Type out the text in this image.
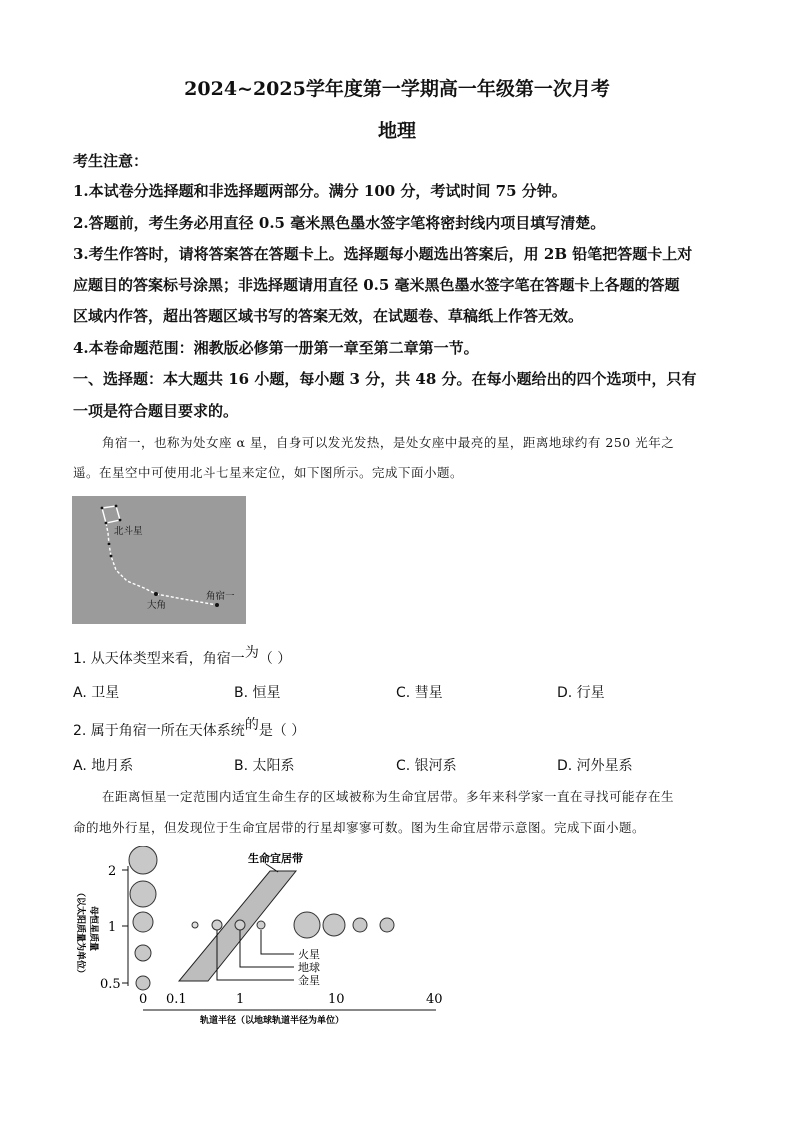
2024~2025学年度第一学期高一年级第一次月考
地理
考生注意：
1.本试卷分选择题和非选择题两部分。满分 100 分，考试时间 75 分钟。
2.答题前，考生务必用直径 0.5 毫米黑色墨水签字笔将密封线内项目填写清楚。
3.考生作答时，请将答案答在答题卡上。选择题每小题选出答案后，用 2B 铅笔把答题卡上对
应题目的答案标号涂黑；非选择题请用直径 0.5 毫米黑色墨水签字笔在答题卡上各题的答题
区域内作答，超出答题区域书写的答案无效，在试题卷、草稿纸上作答无效。
4.本卷命题范围：湘教版必修第一册第一章至第二章第一节。
一、选择题：本大题共 16 小题，每小题 3 分，共 48 分。在每小题给出的四个选项中，只有
一项是符合题目要求的。
角宿一，也称为处女座 α 星，自身可以发光发热，是处女座中最亮的星，距离地球约有 250 光年之
遥。在星空中可使用北斗七星来定位，如下图所示。完成下面小题。
北斗星
大角
角宿一
1. 从天体类型来看，角宿一为（ ）
A. 卫星	B. 恒星	C. 彗星	D. 行星
2. 属于角宿一所在天体系统的是（ ）
A. 地月系	B. 太阳系	C. 银河系	D. 河外星系
在距离恒星一定范围内适宜生命生存的区域被称为生命宜居带。多年来科学家一直在寻找可能存在生
命的地外行星，但发现位于生命宜居带的行星却寥寥可数。图为生命宜居带示意图。完成下面小题。
2
1
0.5
（以太阳质量为单位） 母恒星质量
生命宜居带
火星
地球
金星
0 0.1	1	10	40
轨道半径（以地球轨道半径为单位）
